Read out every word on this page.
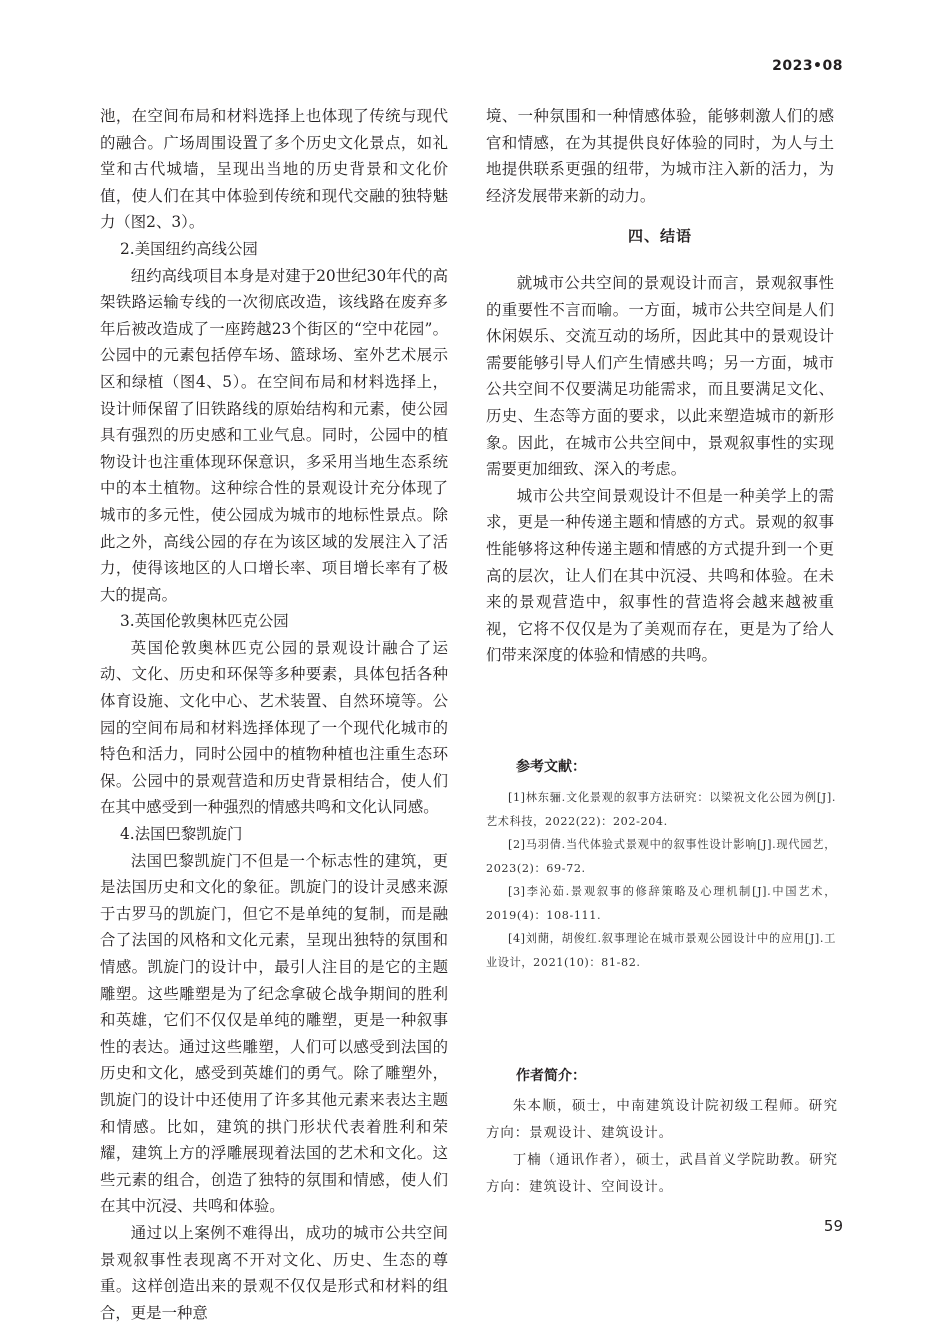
2023•08

池，在空间布局和材料选择上也体现了传统与现代的融合。广场周围设置了多个历史文化景点，如礼堂和古代城墙，呈现出当地的历史背景和文化价值，使人们在其中体验到传统和现代交融的独特魅力（图2、3）。

2.美国纽约高线公园

纽约高线项目本身是对建于20世纪30年代的高架铁路运输专线的一次彻底改造，该线路在废弃多年后被改造成了一座跨越23个街区的“空中花园”。公园中的元素包括停车场、篮球场、室外艺术展示区和绿植（图4、5）。在空间布局和材料选择上，设计师保留了旧铁路线的原始结构和元素，使公园具有强烈的历史感和工业气息。同时，公园中的植物设计也注重体现环保意识，多采用当地生态系统中的本土植物。这种综合性的景观设计充分体现了城市的多元性，使公园成为城市的地标性景点。除此之外，高线公园的存在为该区域的发展注入了活力，使得该地区的人口增长率、项目增长率有了极大的提高。

3.英国伦敦奥林匹克公园

英国伦敦奥林匹克公园的景观设计融合了运动、文化、历史和环保等多种要素，具体包括各种体育设施、文化中心、艺术装置、自然环境等。公园的空间布局和材料选择体现了一个现代化城市的特色和活力，同时公园中的植物种植也注重生态环保。公园中的景观营造和历史背景相结合，使人们在其中感受到一种强烈的情感共鸣和文化认同感。

4.法国巴黎凯旋门

法国巴黎凯旋门不但是一个标志性的建筑，更是法国历史和文化的象征。凯旋门的设计灵感来源于古罗马的凯旋门，但它不是单纯的复制，而是融合了法国的风格和文化元素，呈现出独特的氛围和情感。凯旋门的设计中，最引人注目的是它的主题雕塑。这些雕塑是为了纪念拿破仑战争期间的胜利和英雄，它们不仅仅是单纯的雕塑，更是一种叙事性的表达。通过这些雕塑，人们可以感受到法国的历史和文化，感受到英雄们的勇气。除了雕塑外，凯旋门的设计中还使用了许多其他元素来表达主题和情感。比如，建筑的拱门形状代表着胜利和荣耀，建筑上方的浮雕展现着法国的艺术和文化。这些元素的组合，创造了独特的氛围和情感，使人们在其中沉浸、共鸣和体验。

通过以上案例不难得出，成功的城市公共空间景观叙事性表现离不开对文化、历史、生态的尊重。这样创造出来的景观不仅仅是形式和材料的组合，更是一种意

境、一种氛围和一种情感体验，能够刺激人们的感官和情感，在为其提供良好体验的同时，为人与土地提供联系更强的纽带，为城市注入新的活力，为经济发展带来新的动力。

四、结语

就城市公共空间的景观设计而言，景观叙事性的重要性不言而喻。一方面，城市公共空间是人们休闲娱乐、交流互动的场所，因此其中的景观设计需要能够引导人们产生情感共鸣；另一方面，城市公共空间不仅要满足功能需求，而且要满足文化、历史、生态等方面的要求，以此来塑造城市的新形象。因此，在城市公共空间中，景观叙事性的实现需要更加细致、深入的考虑。

城市公共空间景观设计不但是一种美学上的需求，更是一种传递主题和情感的方式。景观的叙事性能够将这种传递主题和情感的方式提升到一个更高的层次，让人们在其中沉浸、共鸣和体验。在未来的景观营造中，叙事性的营造将会越来越被重视，它将不仅仅是为了美观而存在，更是为了给人们带来深度的体验和情感的共鸣。

参考文献：

[1]林东骊.文化景观的叙事方法研究：以梁祝文化公园为例[J].艺术科技，2022(22)：202-204.

[2]马羽倩.当代体验式景观中的叙事性设计影响[J].现代园艺，2023(2)：69-72.

[3]李沁茹.景观叙事的修辞策略及心理机制[J].中国艺术，2019(4)：108-111.

[4]刘蕑，胡俊红.叙事理论在城市景观公园设计中的应用[J].工业设计，2021(10)：81-82.

作者简介：

朱本顺，硕士，中南建筑设计院初级工程师。研究方向：景观设计、建筑设计。

丁楠（通讯作者），硕士，武昌首义学院助教。研究方向：建筑设计、空间设计。

59
